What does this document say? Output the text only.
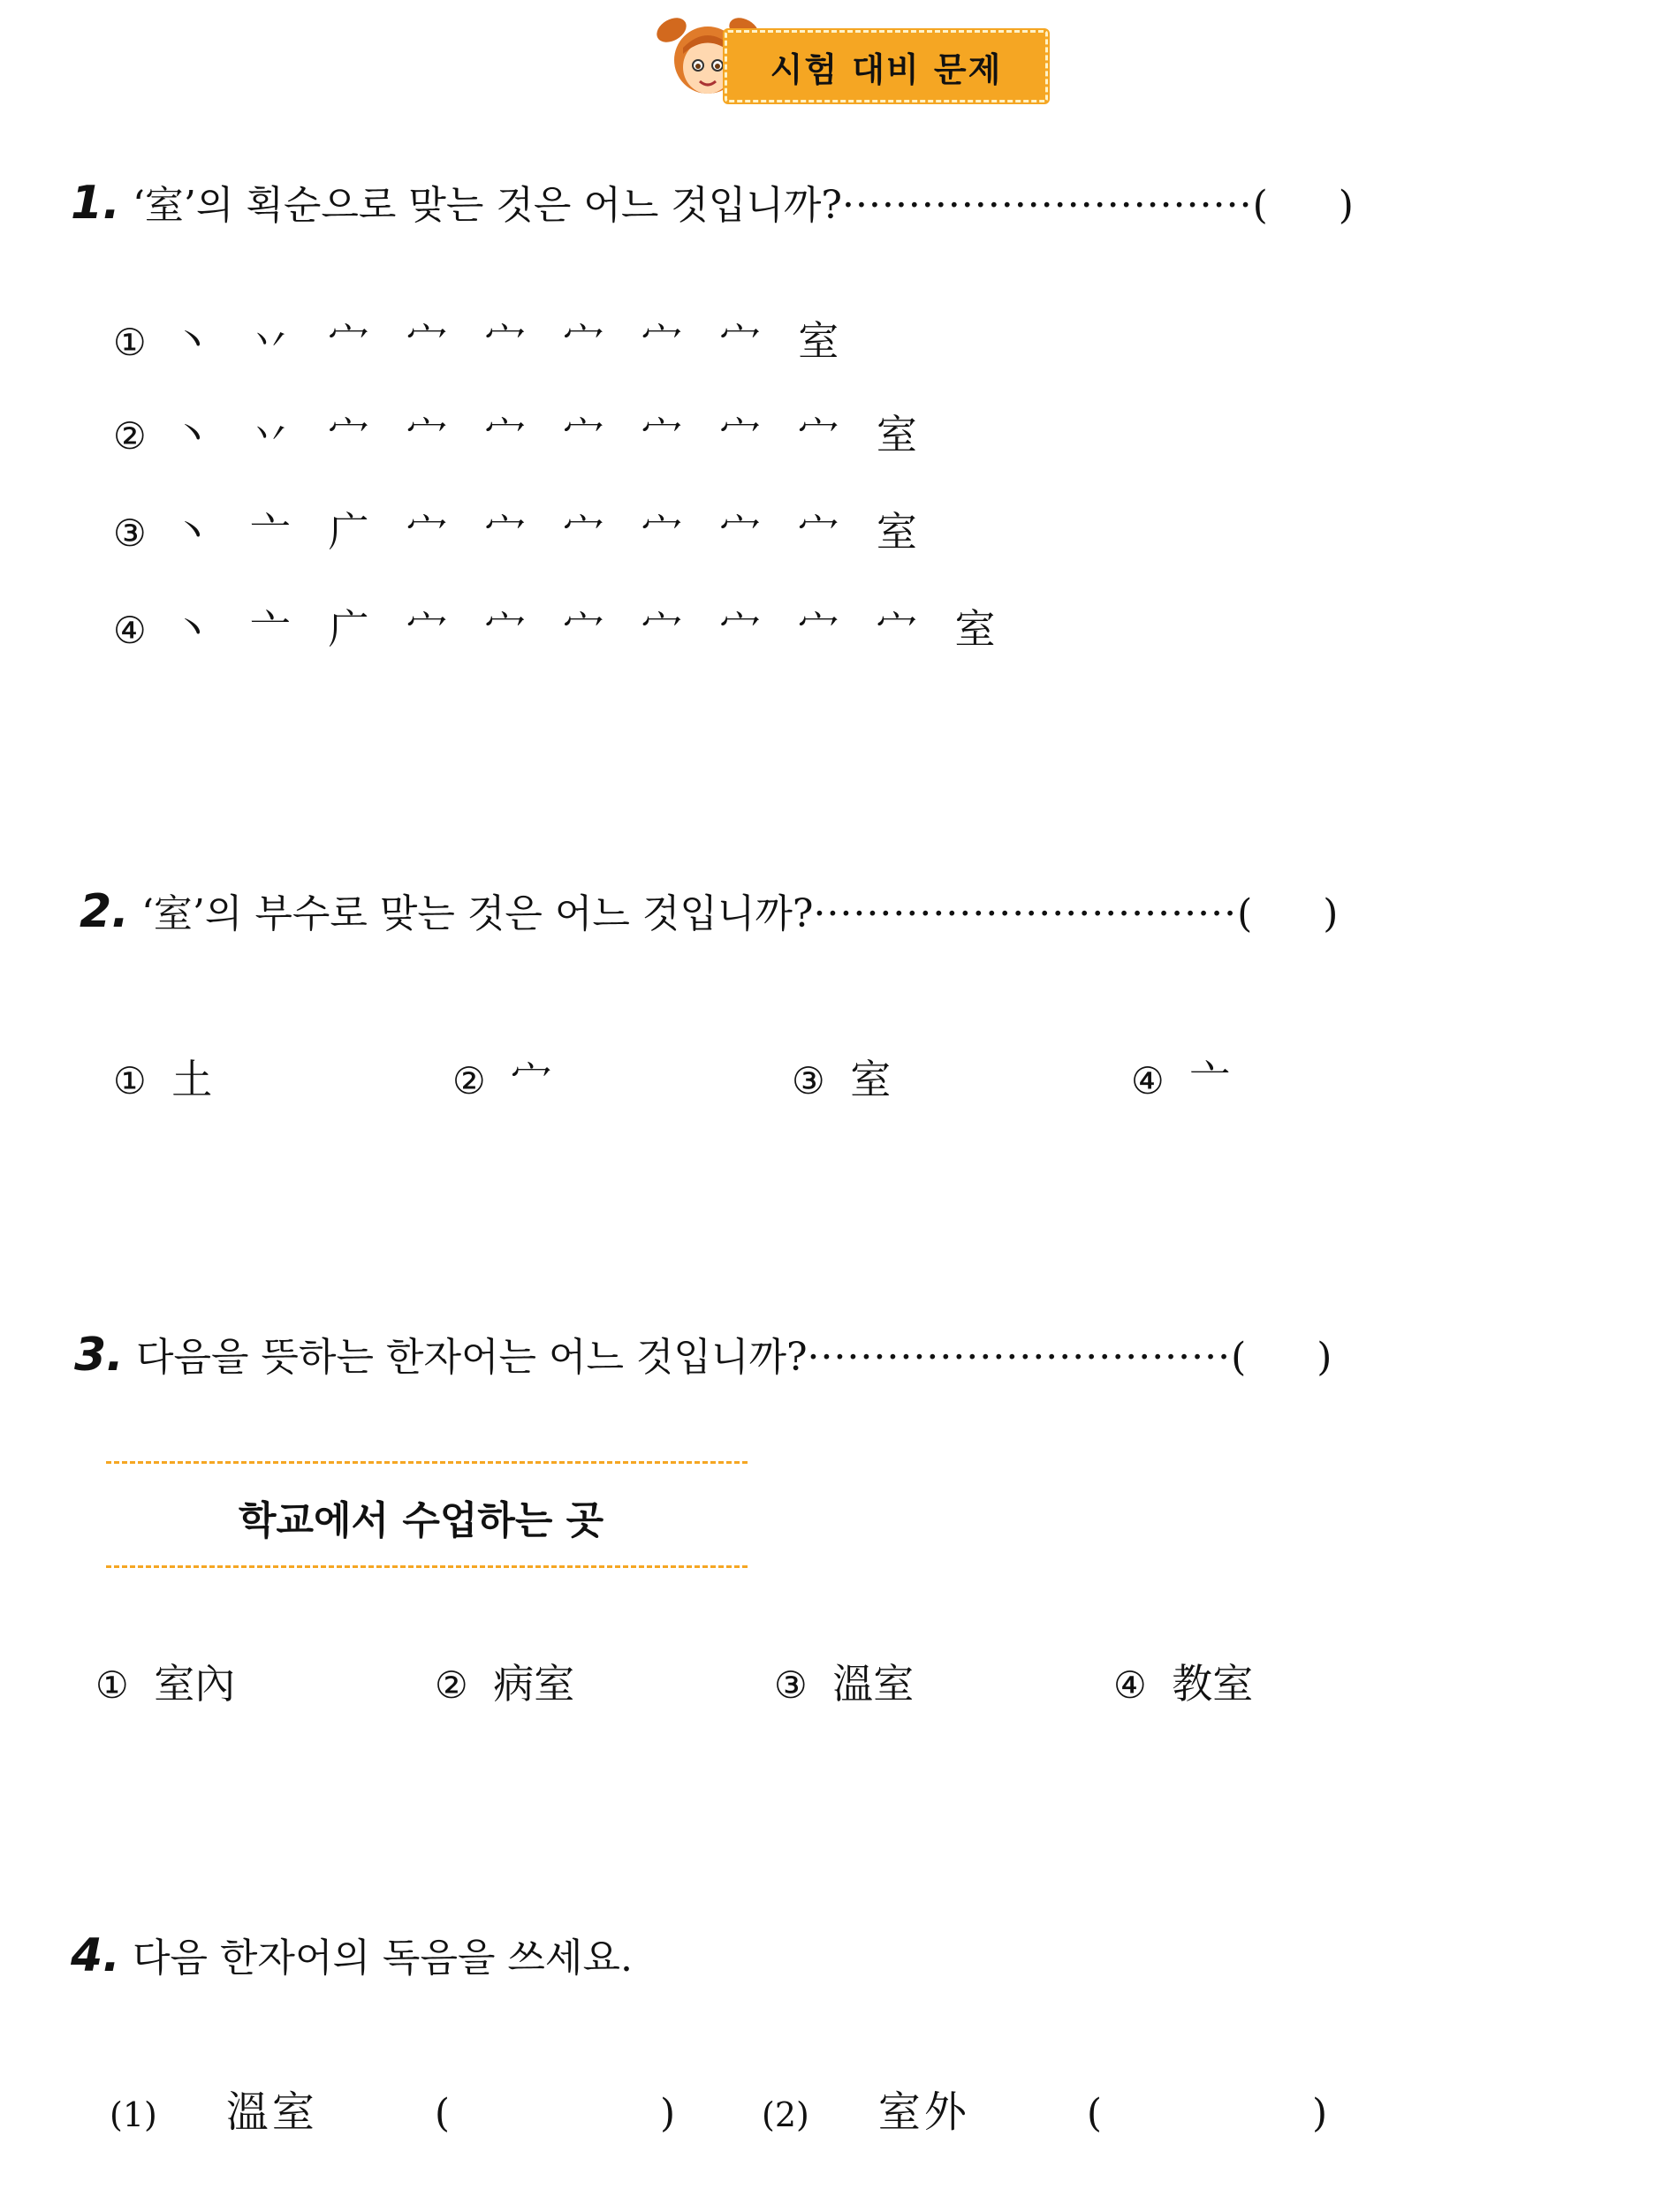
시험 대비 문제
1. ‘室’의 획순으로 맞는 것은 어느 것입니까? ······························· ( )
① 丶 丷 宀 宀 宀 宀 宀 宀 室
② 丶 丷 宀 宀 宀 宀 宀 宀 宀 室
③ 丶 亠 广 宀 宀 宀 宀 宀 宀 室
④ 丶 亠 广 宀 宀 宀 宀 宀 宀 宀 室
2. ‘室’의 부수로 맞는 것은 어느 것입니까? ································ ( )
① 土	② 宀	③ 室	④ 亠
3. 다음을 뜻하는 한자어는 어느 것입니까? ································ ( )
학교에서 수업하는 곳
① 室內	② 病室	③ 溫室	④ 教室
4. 다음 한자어의 독음을 쓰세요.
(1) 溫室	(	)	(2) 室外	(	)
